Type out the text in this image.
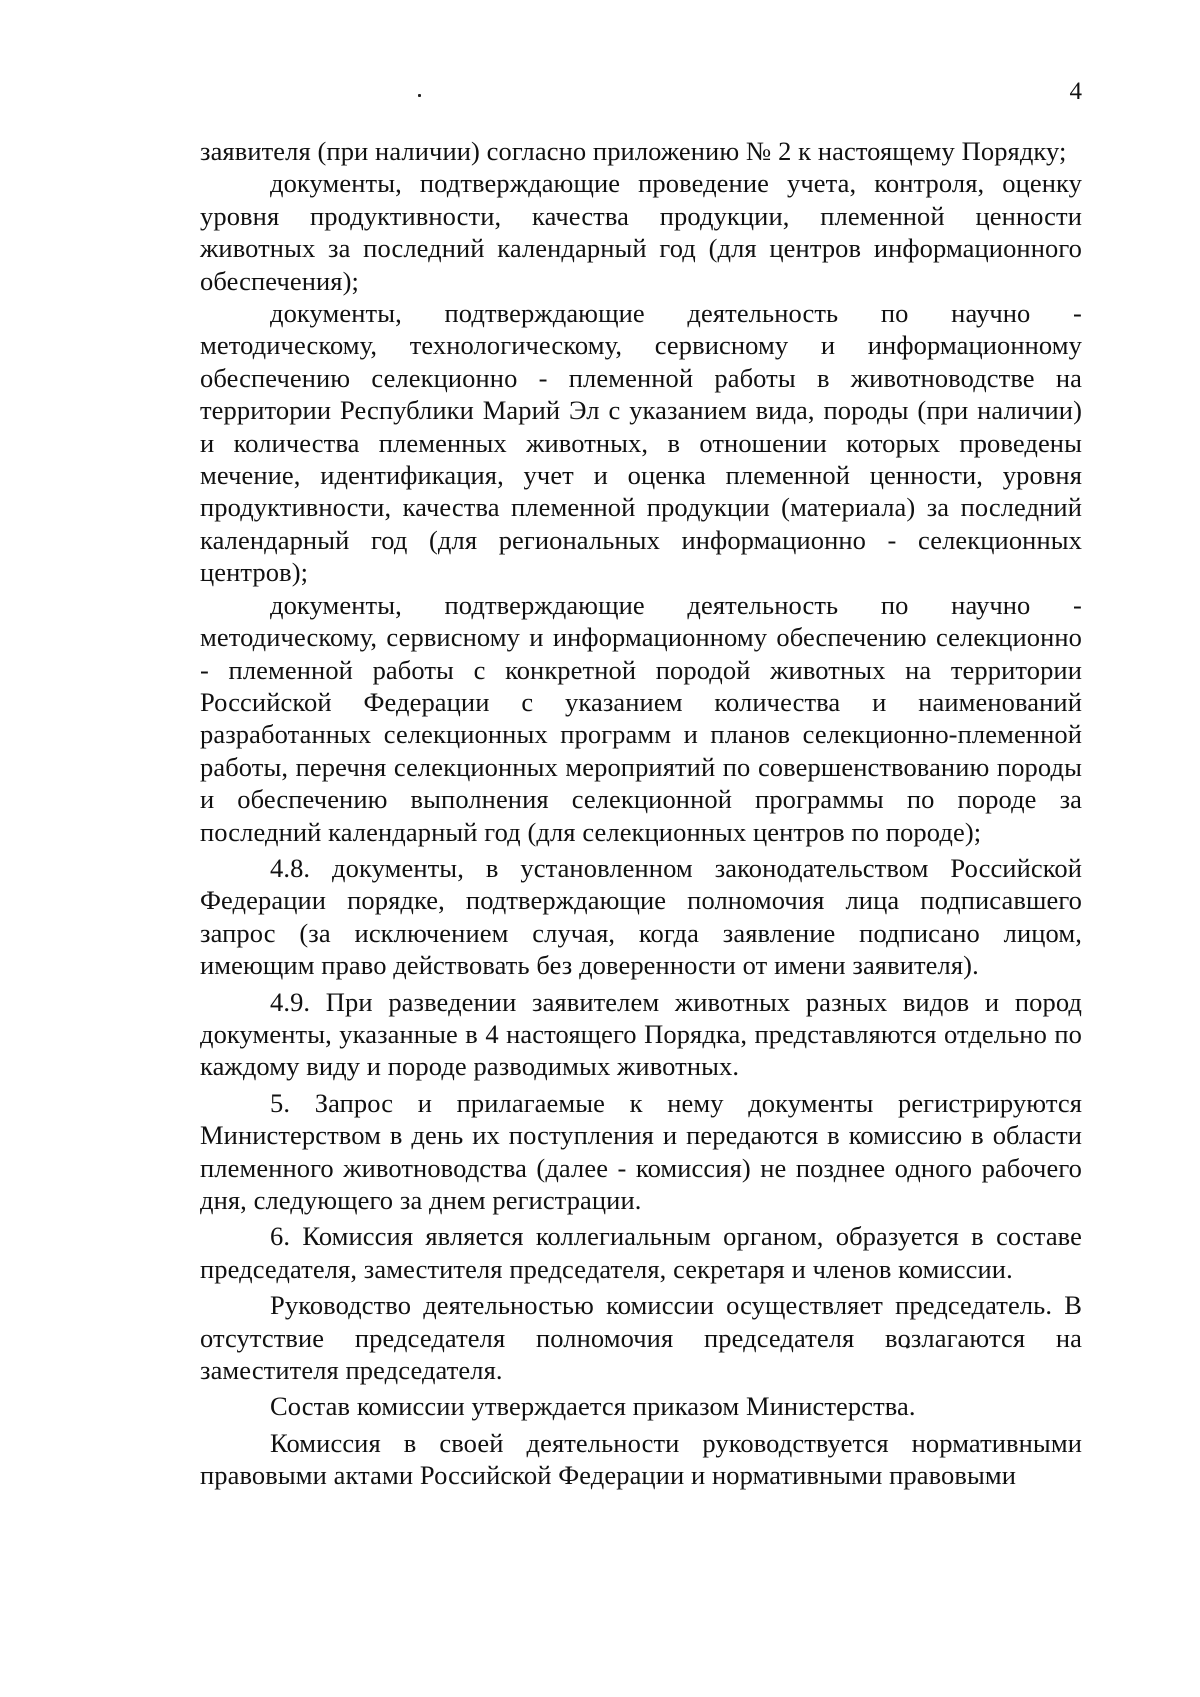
4

заявителя (при наличии) согласно приложению № 2 к настоящему Порядку;

документы, подтверждающие проведение учета, контроля, оценку уровня продуктивности, качества продукции, племенной ценности животных за последний календарный год (для центров информационного обеспечения);

документы, подтверждающие деятельность по научно - методическому, технологическому, сервисному и информационному обеспечению селекционно - племенной работы в животноводстве на территории Республики Марий Эл с указанием вида, породы (при наличии) и количества племенных животных, в отношении которых проведены мечение, идентификация, учет и оценка племенной ценности, уровня продуктивности, качества племенной продукции (материала) за последний календарный год (для региональных информационно - селекционных центров);

документы, подтверждающие деятельность по научно - методическому, сервисному и информационному обеспечению селекционно - племенной работы с конкретной породой животных на территории Российской Федерации с указанием количества и наименований разработанных селекционных программ и планов селекционно-племенной работы, перечня селекционных мероприятий по совершенствованию породы и обеспечению выполнения селекционной программы по породе за последний календарный год (для селекционных центров по породе);

4.8. документы, в установленном законодательством Российской Федерации порядке, подтверждающие полномочия лица подписавшего запрос (за исключением случая, когда заявление подписано лицом, имеющим право действовать без доверенности от имени заявителя).

4.9. При разведении заявителем животных разных видов и пород документы, указанные в 4 настоящего Порядка, представляются отдельно по каждому виду и породе разводимых животных.

5. Запрос и прилагаемые к нему документы регистрируются Министерством в день их поступления и передаются в комиссию в области племенного животноводства (далее - комиссия) не позднее одного рабочего дня, следующего за днем регистрации.

6. Комиссия является коллегиальным органом, образуется в составе председателя, заместителя председателя, секретаря и членов комиссии.

Руководство деятельностью комиссии осуществляет председатель. В отсутствие председателя полномочия председателя возлагаются на заместителя председателя.

Состав комиссии утверждается приказом Министерства.

Комиссия в своей деятельности руководствуется нормативными правовыми актами Российской Федерации и нормативными правовыми
